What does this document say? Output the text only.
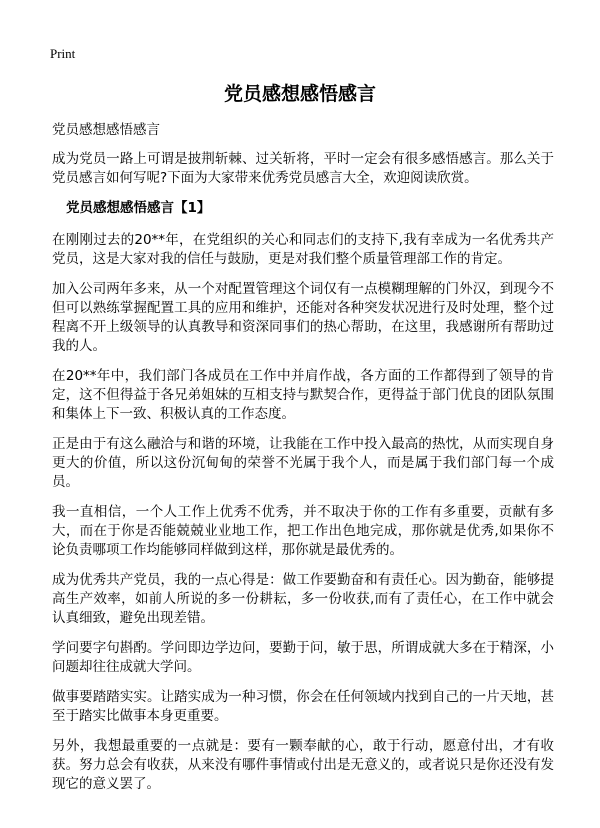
Print
党员感想感悟感言
党员感想感悟感言

成为党员一路上可谓是披荆斩棘、过关斩将，平时一定会有很多感悟感言。那么关于党员感言如何写呢?下面为大家带来优秀党员感言大全，欢迎阅读欣赏。

党员感想感悟感言【1】

在刚刚过去的20**年，在党组织的关心和同志们的支持下,我有幸成为一名优秀共产党员，这是大家对我的信任与鼓励，更是对我们整个质量管理部工作的肯定。

加入公司两年多来，从一个对配置管理这个词仅有一点模糊理解的门外汉，到现今不但可以熟练掌握配置工具的应用和维护，还能对各种突发状况进行及时处理，整个过程离不开上级领导的认真教导和资深同事们的热心帮助，在这里，我感谢所有帮助过我的人。

在20**年中，我们部门各成员在工作中并肩作战，各方面的工作都得到了领导的肯定，这不但得益于各兄弟姐妹的互相支持与默契合作，更得益于部门优良的团队氛围和集体上下一致、积极认真的工作态度。

正是由于有这么融洽与和谐的环境，让我能在工作中投入最高的热忱，从而实现自身更大的价值，所以这份沉甸甸的荣誉不光属于我个人，而是属于我们部门每一个成员。

我一直相信，一个人工作上优秀不优秀，并不取决于你的工作有多重要，贡献有多大，而在于你是否能兢兢业业地工作，把工作出色地完成，那你就是优秀,如果你不论负责哪项工作均能够同样做到这样，那你就是最优秀的。

成为优秀共产党员，我的一点心得是：做工作要勤奋和有责任心。因为勤奋，能够提高生产效率，如前人所说的多一份耕耘，多一份收获,而有了责任心，在工作中就会认真细致，避免出现差错。

学问要字句斟酌。学问即边学边问，要勤于问，敏于思，所谓成就大多在于精深，小问题却往往成就大学问。

做事要踏踏实实。让踏实成为一种习惯，你会在任何领域内找到自己的一片天地，甚至于踏实比做事本身更重要。

另外，我想最重要的一点就是：要有一颗奉献的心，敢于行动，愿意付出，才有收获。努力总会有收获，从来没有哪件事情或付出是无意义的，或者说只是你还没有发现它的意义罢了。
